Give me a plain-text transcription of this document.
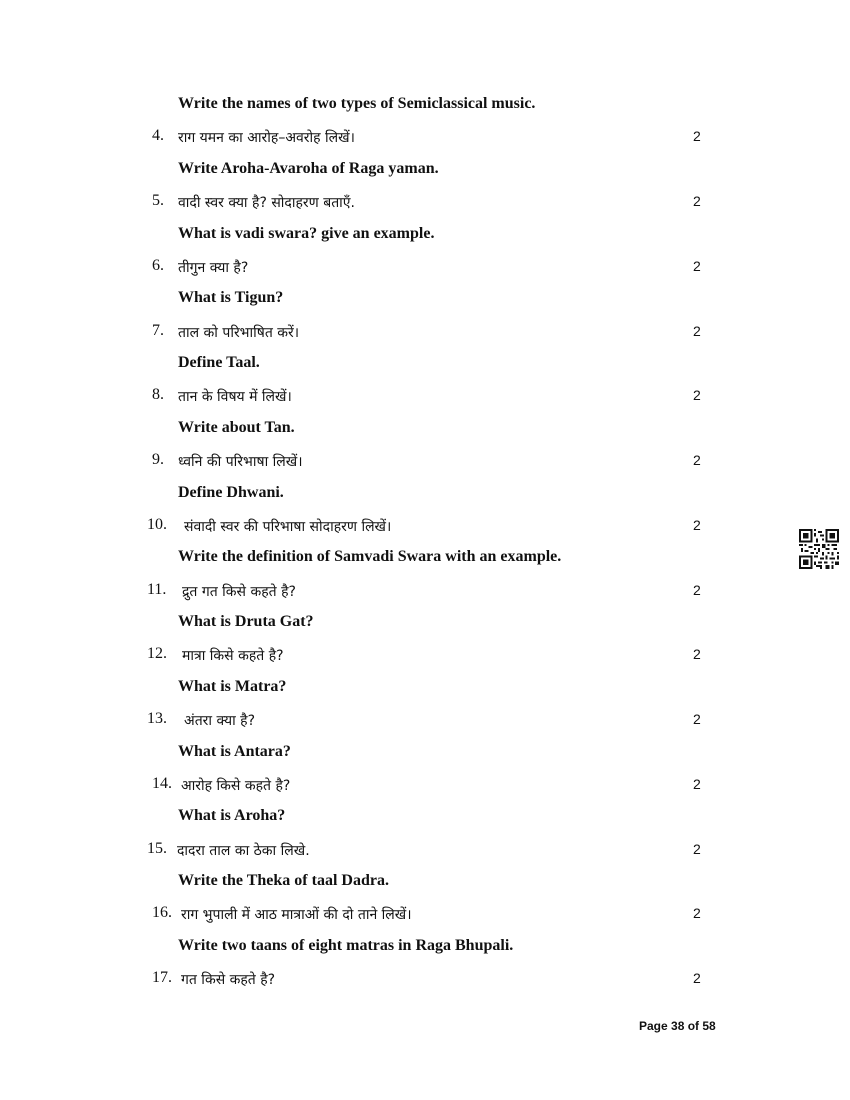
Write the names of two types of Semiclassical music.
4. राग यमन का आरोह–अवरोह लिखें।	2
Write Aroha-Avaroha of Raga yaman.
5. वादी स्वर क्या है? सोदाहरण बताएँ.	2
What is vadi swara? give an example.
6. तीगुन क्या है?	2
What is Tigun?
7. ताल को परिभाषित करें।	2
Define Taal.
8. तान के विषय में लिखें।	2
Write about Tan.
9. ध्वनि की परिभाषा लिखें।	2
Define Dhwani.
10. संवादी स्वर की परिभाषा सोदाहरण लिखें।	2
Write the definition of Samvadi Swara with an example.
11. द्रुत गत किसे कहते है?	2
What is Druta Gat?
12. मात्रा किसे कहते है?	2
What is Matra?
13. अंतरा क्या है?	2
What is Antara?
14. आरोह किसे कहते है?	2
What is Aroha?
15. दादरा ताल का ठेका लिखे.	2
Write the Theka of taal Dadra.
16. राग भुपाली में आठ मात्राओं की दो ताने लिखें।	2
Write two taans of eight matras in Raga Bhupali.
17. गत किसे कहते है?	2
Page 38 of 58
